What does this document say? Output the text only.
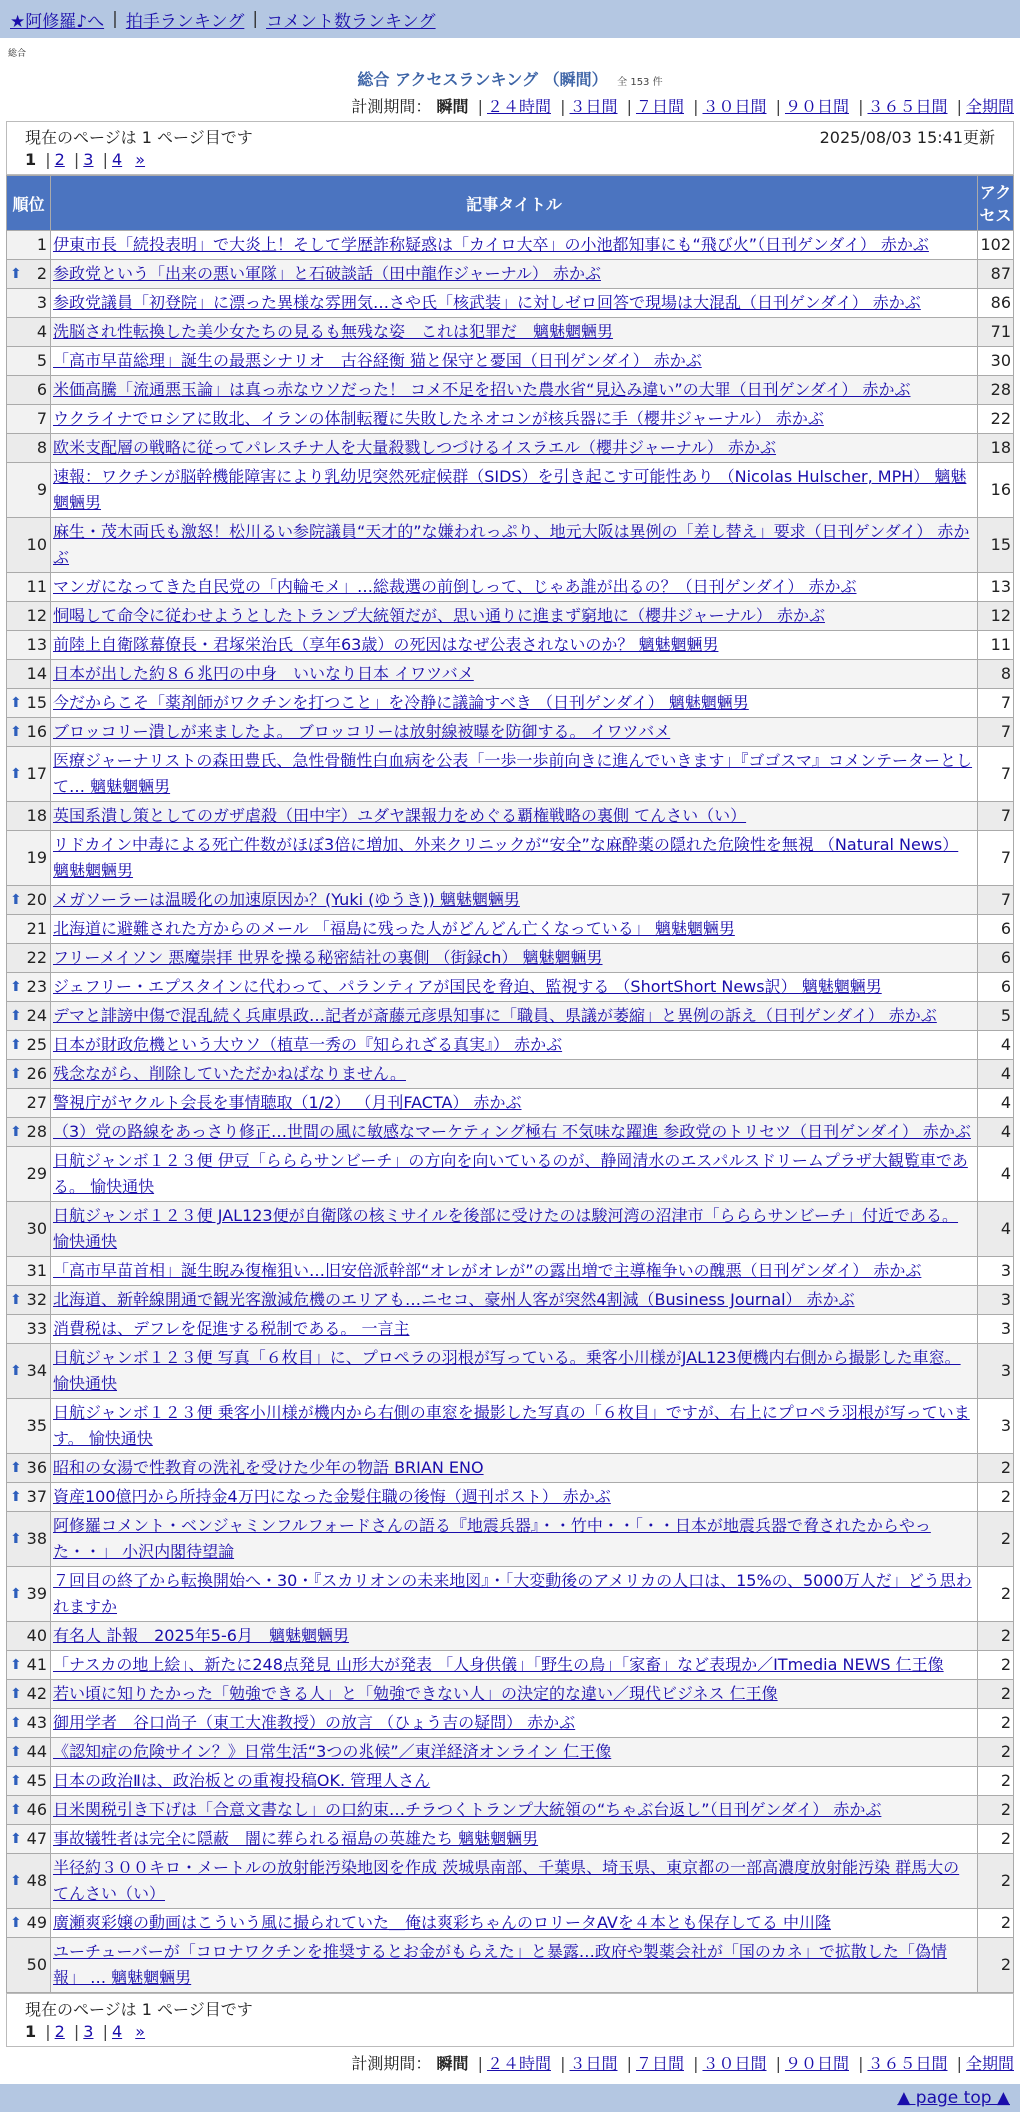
★阿修羅♪へ | 拍手ランキング | コメント数ランキング
総合
総合 アクセスランキング （瞬間） 全 153 件
計測期間： 瞬間 | ２４時間 | ３日間 | ７日間 | ３０日間 | ９０日間 | ３６５日間 | 全期間
現在のページは 1 ページ目です	2025/08/03 15:41更新
1 | 2 | 3 | 4 »
順位	記事タイトル	アクセス
1	伊東市長「続投表明」で大炎上！そして学歴詐称疑惑は「カイロ大卒」の小池都知事にも“飛び火”（日刊ゲンダイ） 赤かぶ	102

⬆ 2	参政党という「出来の悪い軍隊」と石破談話（田中龍作ジャーナル） 赤かぶ	87
3	参政党議員「初登院」に漂った異様な雰囲気…さや氏「核武装」に対しゼロ回答で現場は大混乱（日刊ゲンダイ） 赤かぶ	86
4	洗脳され性転換した美少女たちの見るも無残な姿　これは犯罪だ　魑魅魍魎男	71
5	「高市早苗総理」誕生の最悪シナリオ　古谷経衡 猫と保守と憂国（日刊ゲンダイ） 赤かぶ	30
6	米価高騰「流通悪玉論」は真っ赤なウソだった！ コメ不足を招いた農水省“見込み違い”の大罪（日刊ゲンダイ） 赤かぶ	28
7	ウクライナでロシアに敗北、イランの体制転覆に失敗したネオコンが核兵器に手（櫻井ジャーナル） 赤かぶ	22
8	欧米支配層の戦略に従ってパレスチナ人を大量殺戮しつづけるイスラエル（櫻井ジャーナル） 赤かぶ	18
9	速報：ワクチンが脳幹機能障害により乳幼児突然死症候群（SIDS）を引き起こす可能性あり （Nicolas Hulscher, MPH） 魑魅魍魎男	16
10	麻生・茂木両氏も激怒！松川るい参院議員“天才的”な嫌われっぷり、地元大阪は異例の「差し替え」要求（日刊ゲンダイ） 赤かぶ	15
11	マンガになってきた自民党の「内輪モメ」…総裁選の前倒しって、じゃあ誰が出るの？（日刊ゲンダイ） 赤かぶ	13
12	恫喝して命令に従わせようとしたトランプ大統領だが、思い通りに進まず窮地に（櫻井ジャーナル） 赤かぶ	12
13	前陸上自衛隊幕僚長・君塚栄治氏（享年63歳）の死因はなぜ公表されないのか？ 魑魅魍魎男	11
14	日本が出した約８６兆円の中身　いいなり日本 イワツバメ	8

⬆ 15	今だからこそ「薬剤師がワクチンを打つこと」を冷静に議論すべき （日刊ゲンダイ） 魑魅魍魎男	7

⬆ 16	ブロッコリー潰しが来ましたよ。 ブロッコリーは放射線被曝を防御する。 イワツバメ	7

⬆ 17	医療ジャーナリストの森田豊氏、急性骨髄性白血病を公表「一歩一歩前向きに進んでいきます」『ゴゴスマ』コメンテーターとして… 魑魅魍魎男	7
18	英国系潰し策としてのガザ虐殺（田中宇）ユダヤ課報力をめぐる覇権戦略の裏側 てんさい（い）	7
19	リドカイン中毒による死亡件数がほぼ3倍に増加、外来クリニックが“安全”な麻酔薬の隠れた危険性を無視 （Natural News） 魑魅魍魎男	7

⬆ 20	メガソーラーは温暖化の加速原因か？(Yuki (ゆうき)) 魑魅魍魎男	7
21	北海道に避難された方からのメール 「福島に残った人がどんどん亡くなっている」 魑魅魍魎男	6
22	フリーメイソン 悪魔崇拝 世界を操る秘密結社の裏側 （街録ch） 魑魅魍魎男	6

⬆ 23	ジェフリー・エプスタインに代わって、パランティアが国民を脅迫、監視する （ShortShort News訳） 魑魅魍魎男	6

⬆ 24	デマと誹謗中傷で混乱続く兵庫県政…記者が斎藤元彦県知事に「職員、県議が萎縮」と異例の訴え（日刊ゲンダイ） 赤かぶ	5

⬆ 25	日本が財政危機という大ウソ（植草一秀の『知られざる真実』） 赤かぶ	4

⬆ 26	残念ながら、削除していただかねばなりません。	4
27	警視庁がヤクルト会長を事情聴取（1/2） （月刊FACTA） 赤かぶ	4

⬆ 28	（3）党の路線をあっさり修正…世間の風に敏感なマーケティング極右 不気味な躍進 参政党のトリセツ（日刊ゲンダイ） 赤かぶ	4
29	日航ジャンボ１２３便 伊豆「らららサンビーチ」の方向を向いているのが、静岡清水のエスパルスドリームプラザ大観覧車である。 愉快通快	4
30	日航ジャンボ１２３便 JAL123便が自衛隊の核ミサイルを後部に受けたのは駿河湾の沼津市「らららサンビーチ」付近である。 愉快通快	4
31	「高市早苗首相」誕生睨み復権狙い…旧安倍派幹部“オレがオレが”の露出増で主導権争いの醜悪（日刊ゲンダイ） 赤かぶ	3

⬆ 32	北海道、新幹線開通で観光客激減危機のエリアも…ニセコ、豪州人客が突然4割減（Business Journal） 赤かぶ	3
33	消費税は、デフレを促進する税制である。 一言主	3

⬆ 34	日航ジャンボ１２３便 写真「６枚目」に、プロペラの羽根が写っている。乗客小川様がJAL123便機内右側から撮影した車窓。 愉快通快	3
35	日航ジャンボ１２３便 乗客小川様が機内から右側の車窓を撮影した写真の「６枚目」ですが、右上にプロペラ羽根が写っています。 愉快通快	3

⬆ 36	昭和の女湯で性教育の洗礼を受けた少年の物語 BRIAN ENO	2

⬆ 37	資産100億円から所持金4万円になった金髪住職の後悔（週刊ポスト） 赤かぶ	2

⬆ 38	阿修羅コメント・ベンジャミンフルフォードさんの語る『地震兵器』・・竹中・・「・・日本が地震兵器で脅されたからやった・・」 小沢内閣待望論	2

⬆ 39	７回目の終了から転換開始へ・30・『スカリオンの未来地図』・「大変動後のアメリカの人口は、15%の、5000万人だ」どう思われますか	2
40	有名人 訃報　2025年5-6月　魑魅魍魎男	2

⬆ 41	「ナスカの地上絵」、新たに248点発見 山形大が発表 「人身供儀」「野生の鳥」「家畜」など表現か／ITmedia NEWS 仁王像	2

⬆ 42	若い頃に知りたかった「勉強できる人」と「勉強できない人」の決定的な違い／現代ビジネス 仁王像	2

⬆ 43	御用学者　谷口尚子（東工大准教授）の放言 （ひょう吉の疑問） 赤かぶ	2

⬆ 44	《認知症の危険サイン？》日常生活“3つの兆候”／東洋経済オンライン 仁王像	2

⬆ 45	日本の政治Ⅱは、政治板との重複投稿OK. 管理人さん	2

⬆ 46	日米関税引き下げは「合意文書なし」の口約束…チラつくトランプ大統領の“ちゃぶ台返し”（日刊ゲンダイ） 赤かぶ	2

⬆ 47	事故犠牲者は完全に隠蔽　闇に葬られる福島の英雄たち 魑魅魍魎男	2

⬆ 48	半径約３００キロ・メートルの放射能汚染地図を作成 茨城県南部、千葉県、埼玉県、東京都の一部高濃度放射能汚染 群馬大の てんさい（い）	2

⬆ 49	廣瀬爽彩嬢の動画はこういう風に撮られていた＿俺は爽彩ちゃんのロリータAVを４本とも保存してる 中川隆	2
50	ユーチューバーが「コロナワクチンを推奨するとお金がもらえた」と暴露…政府や製薬会社が「国のカネ」で拡散した「偽情報」 … 魑魅魍魎男	2
現在のページは 1 ページ目です
1 | 2 | 3 | 4 »
計測期間： 瞬間 | ２４時間 | ３日間 | ７日間 | ３０日間 | ９０日間 | ３６５日間 | 全期間
▲ page top ▲
